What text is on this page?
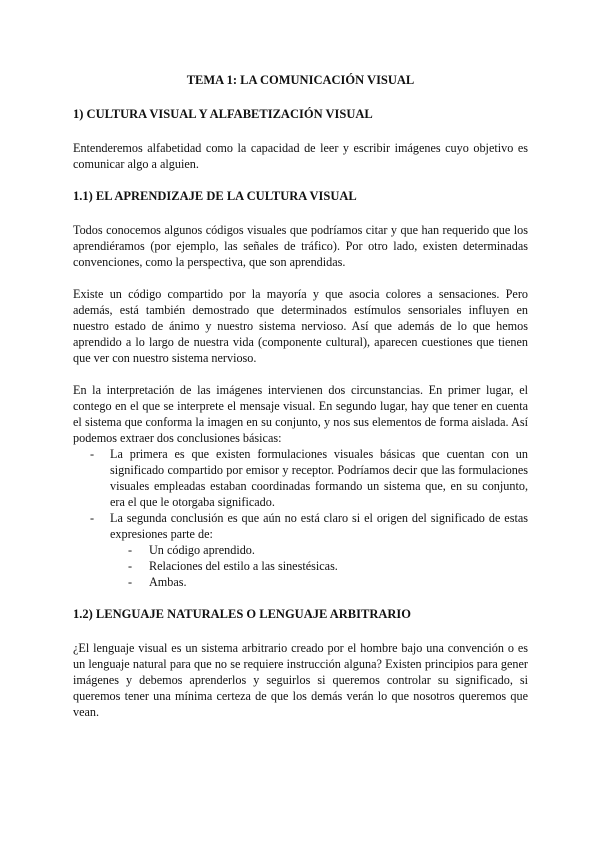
TEMA 1: LA COMUNICACIÓN VISUAL
1) CULTURA VISUAL Y ALFABETIZACIÓN VISUAL

Entenderemos alfabetidad como la capacidad de leer y escribir imágenes cuyo objetivo es comunicar algo a alguien.

1.1) EL APRENDIZAJE DE LA CULTURA VISUAL

Todos conocemos algunos códigos visuales que podríamos citar y que han requerido que los aprendiéramos (por ejemplo, las señales de tráfico). Por otro lado, existen determinadas convenciones, como la perspectiva, que son aprendidas.

Existe un código compartido por la mayoría y que asocia colores a sensaciones. Pero además, está también demostrado que determinados estímulos sensoriales influyen en nuestro estado de ánimo y nuestro sistema nervioso. Así que además de lo que hemos aprendido a lo largo de nuestra vida (componente cultural), aparecen cuestiones que tienen que ver con nuestro sistema nervioso.

En la interpretación de las imágenes intervienen dos circunstancias. En primer lugar, el contego en el que se interprete el mensaje visual. En segundo lugar, hay que tener en cuenta el sistema que conforma la imagen en su conjunto, y nos sus elementos de forma aislada. Así podemos extraer dos conclusiones básicas:

- La primera es que existen formulaciones visuales básicas que cuentan con un significado compartido por emisor y receptor. Podríamos decir que las formulaciones visuales empleadas estaban coordinadas formando un sistema que, en su conjunto, era el que le otorgaba significado.
- La segunda conclusión es que aún no está claro si el origen del significado de estas expresiones parte de:
- Un código aprendido.
- Relaciones del estilo a las sinestésicas.
- Ambas.
1.2) LENGUAJE NATURALES O LENGUAJE ARBITRARIO

¿El lenguaje visual es un sistema arbitrario creado por el hombre bajo una convención o es un lenguaje natural para que no se requiere instrucción alguna? Existen principios para gener imágenes y debemos aprenderlos y seguirlos si queremos controlar su significado, si queremos tener una mínima certeza de que los demás verán lo que nosotros queremos que vean.
